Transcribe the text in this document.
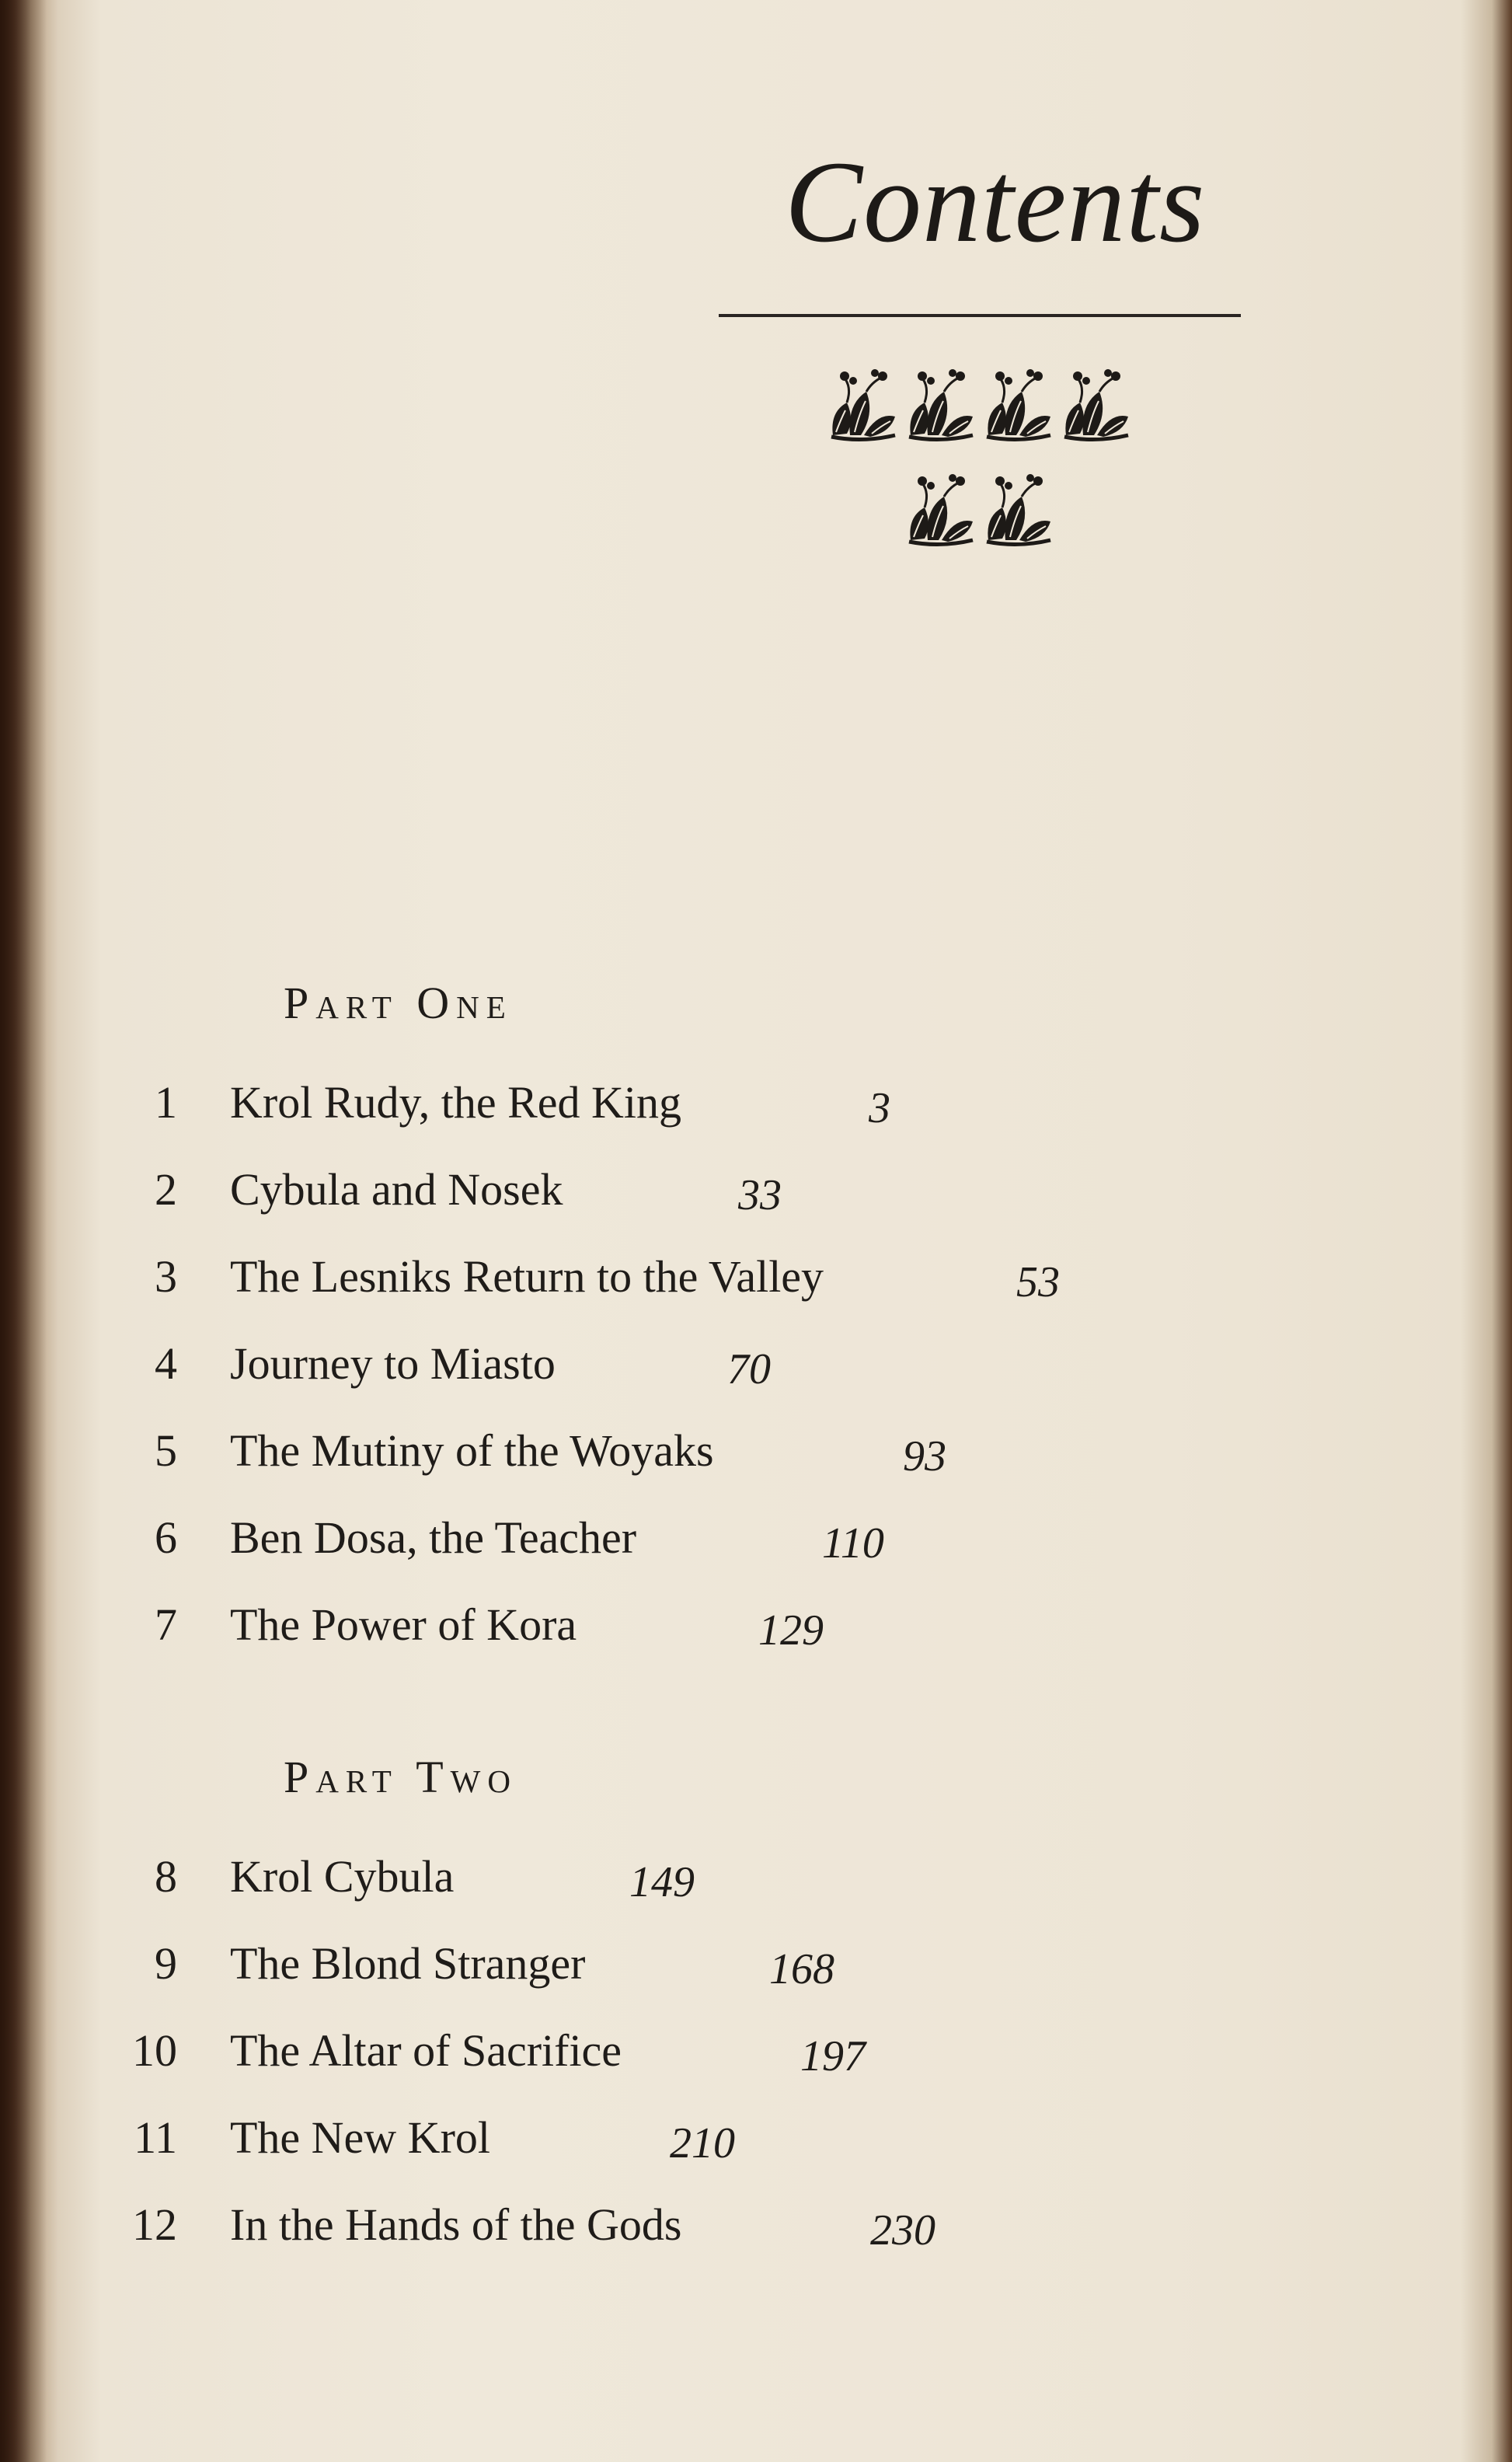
Contents
Part One
1 Krol Rudy, the Red King	3
2 Cybula and Nosek	33
3 The Lesniks Return to the Valley	53
4 Journey to Miasto	70
5 The Mutiny of the Woyaks	93
6 Ben Dosa, the Teacher	110
7 The Power of Kora	129
Part Two
8 Krol Cybula	149
9 The Blond Stranger	168
10 The Altar of Sacrifice	197
11 The New Krol	210
12 In the Hands of the Gods	230
